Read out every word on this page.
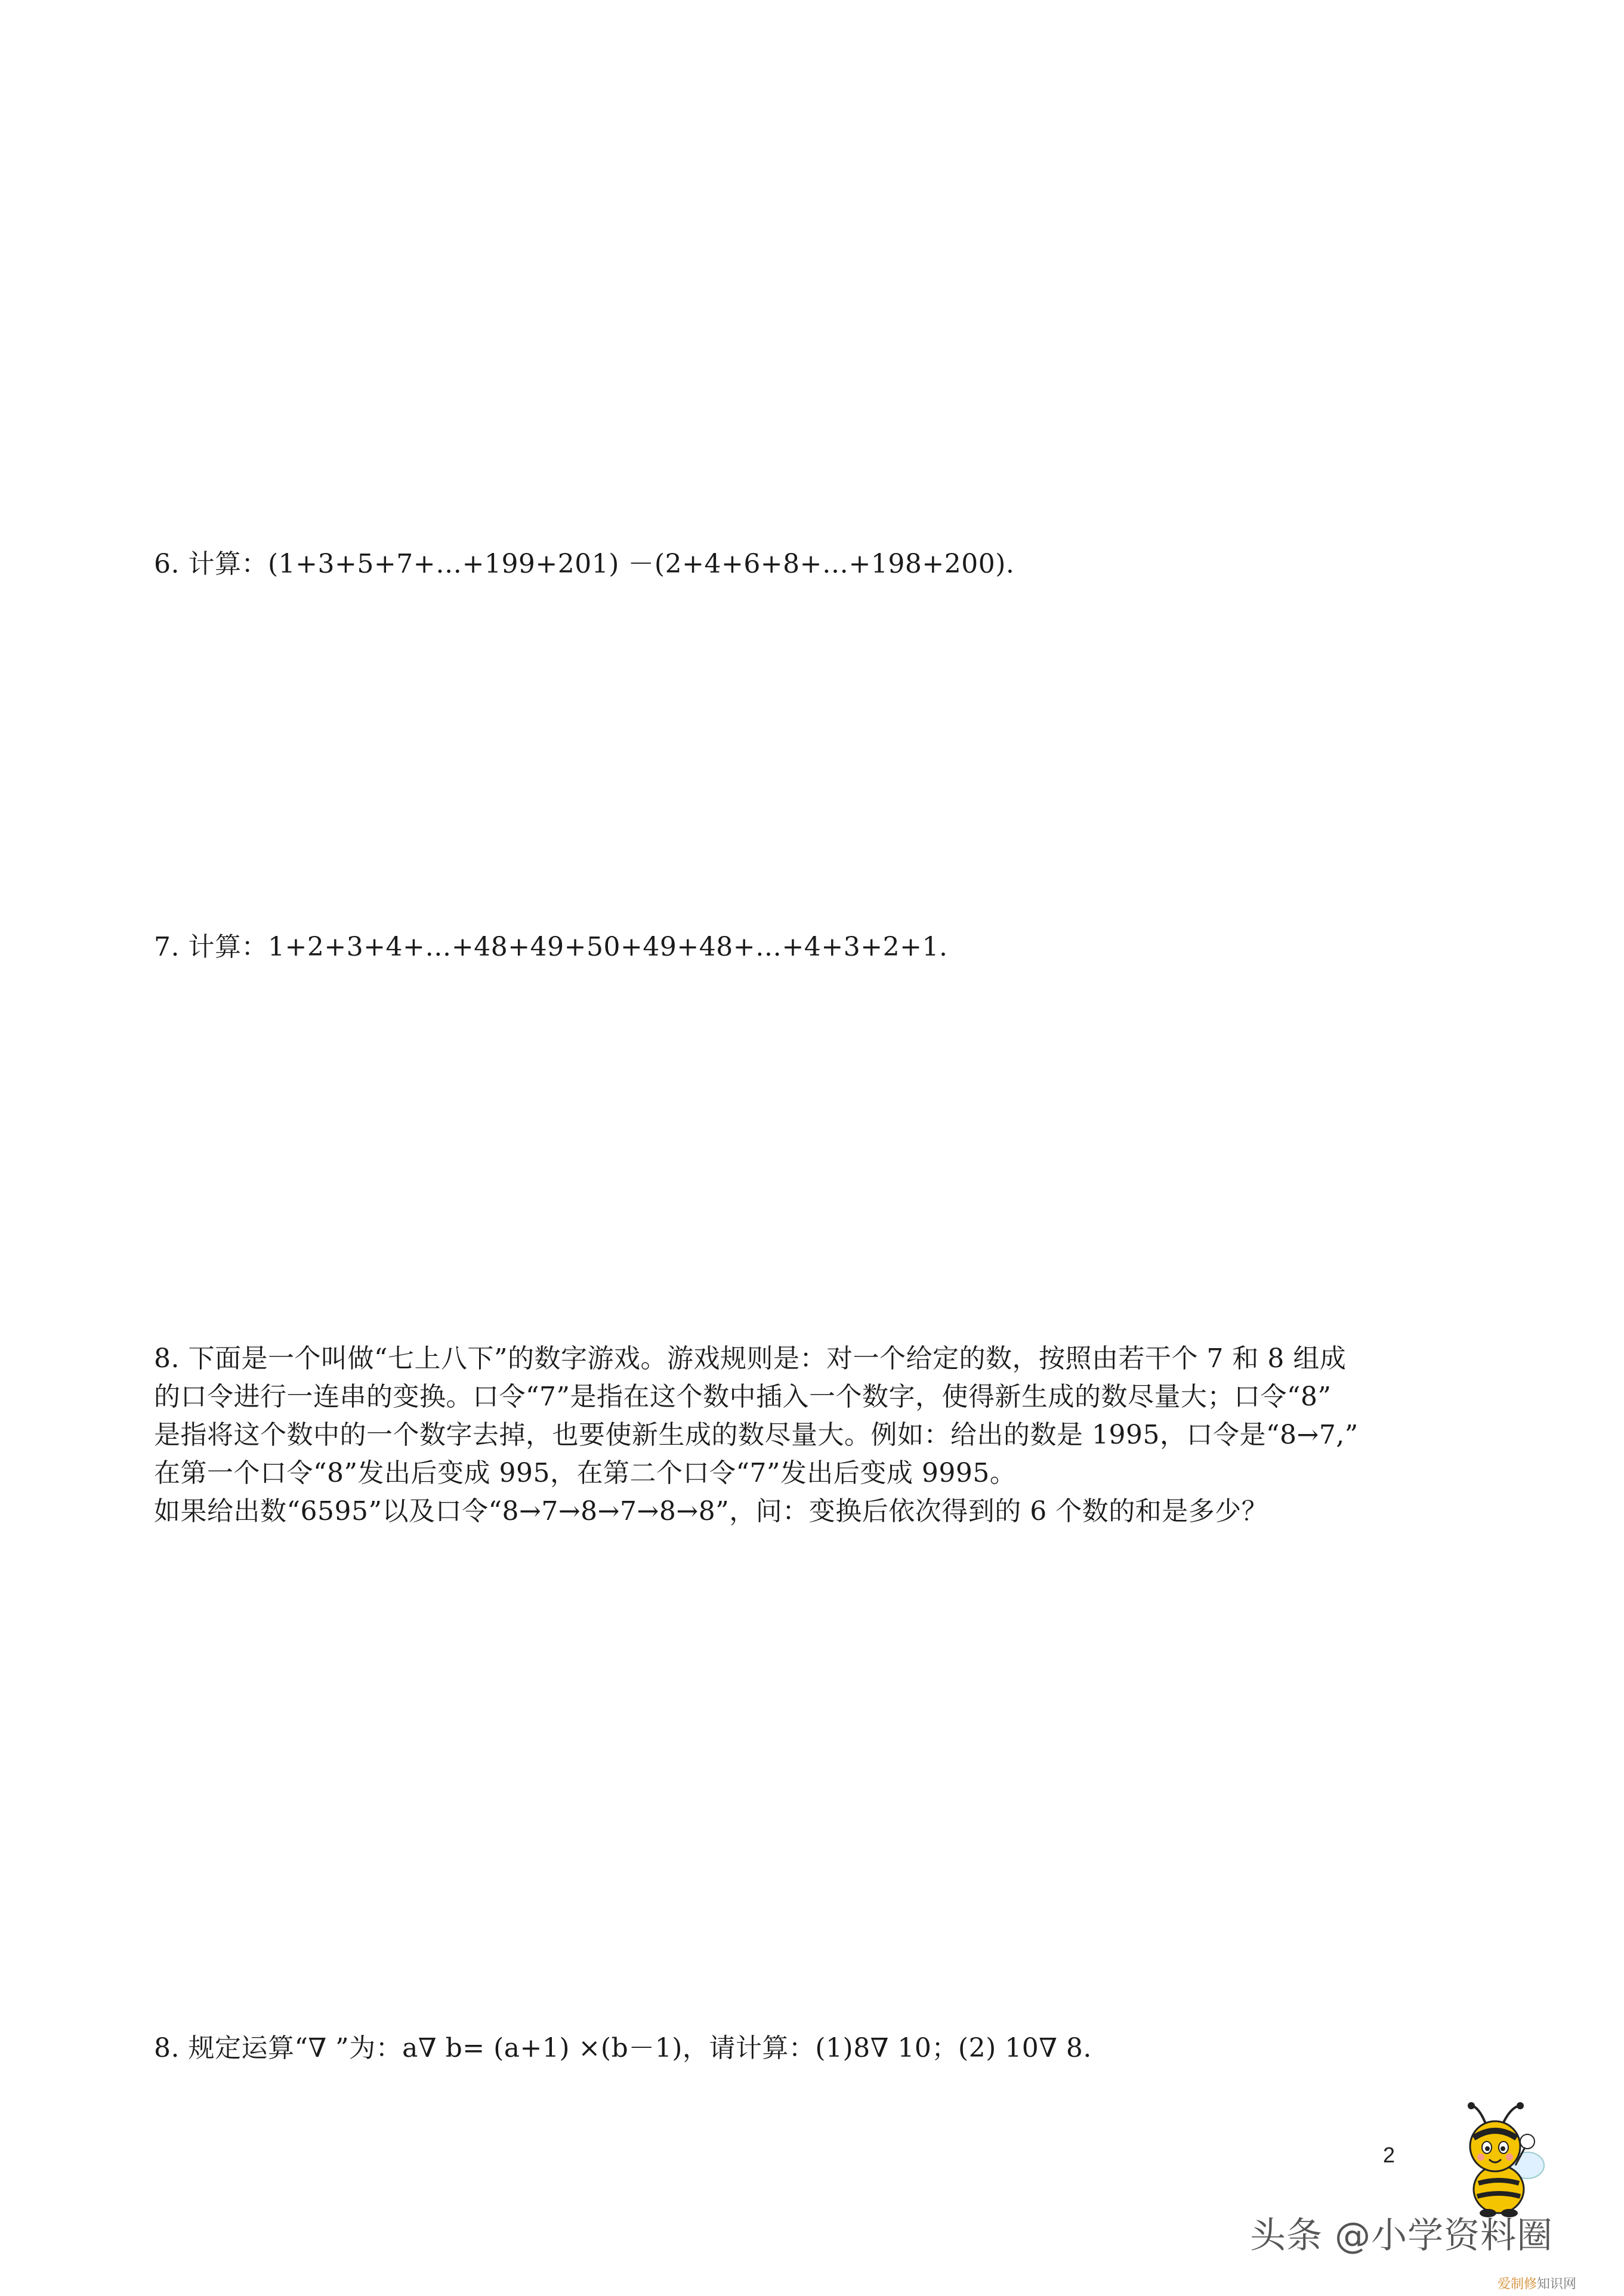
6. 计算：(1+3+5+7+…+199+201) －(2+4+6+8+…+198+200).
7. 计算：1+2+3+4+…+48+49+50+49+48+…+4+3+2+1.
8. 下面是一个叫做“七上八下”的数字游戏。游戏规则是：对一个给定的数，按照由若干个 7 和 8 组成
的口令进行一连串的变换。口令“7”是指在这个数中插入一个数字，使得新生成的数尽量大；口令“8”
是指将这个数中的一个数字去掉，也要使新生成的数尽量大。例如：给出的数是 1995，口令是“8→7,”
在第一个口令“8”发出后变成 995，在第二个口令“7”发出后变成 9995。
如果给出数“6595”以及口令“8→7→8→7→8→8”，问：变换后依次得到的 6 个数的和是多少？
8. 规定运算“∇ ”为：a∇ b= (a+1) ×(b－1)，请计算：(1)8∇ 10；(2) 10∇ 8.
2
头条 @小学资料圈
爱制修知识网
